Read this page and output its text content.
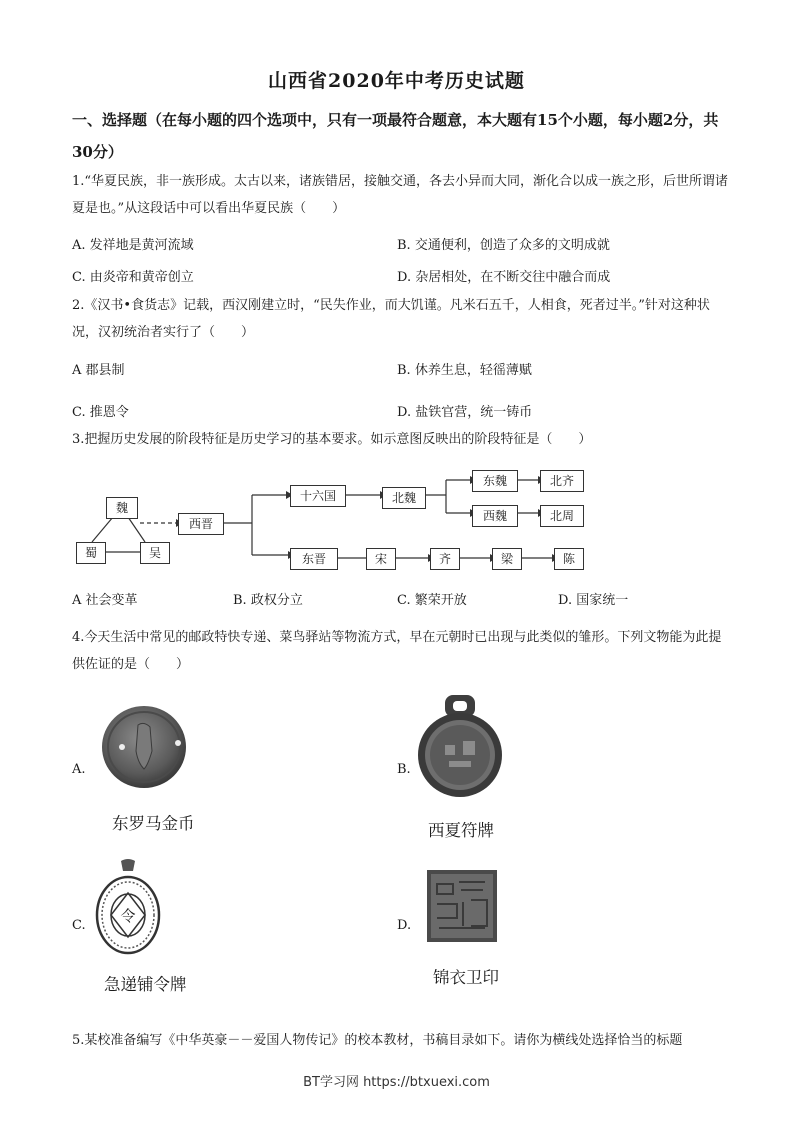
山西省2020年中考历史试题
一、选择题（在每小题的四个选项中，只有一项最符合题意，本大题有15个小题，每小题2分，共30分）
1.“华夏民族，非一族形成。太古以来，诸族错居，接触交通，各去小异而大同，渐化合以成一族之形，后世所谓诸夏是也。”从这段话中可以看出华夏民族（　　）
A. 发祥地是黄河流域	B. 交通便利，创造了众多的文明成就
C. 由炎帝和黄帝创立	D. 杂居相处，在不断交往中融合而成
2.《汉书•食货志》记载，西汉刚建立时，“民失作业，而大饥谨。凡米石五千，人相食，死者过半。”针对这种状况，汉初统治者实行了（　　）
A 郡县制	B. 休养生息，轻徭薄赋
C. 推恩令	D. 盐铁官营，统一铸币
3.把握历史发展的阶段特征是历史学习的基本要求。如示意图反映出的阶段特征是（　　）
魏
蜀	吴
西晋
十六国	北魏
东魏
西魏
北齐
北周
东晋	宋	齐	梁	陈
A 社会变革	B. 政权分立	C. 繁荣开放	D. 国家统一
4.今天生活中常见的邮政特快专递、菜鸟驿站等物流方式，早在元朝时已出现与此类似的雏形。下列文物能为此提供佐证的是（　　）
A.
东罗马金币
B.
西夏符牌
C.
令
急递铺令牌
D.
锦衣卫印
5.某校准备编写《中华英豪－－爱国人物传记》的校本教材，书稿目录如下。请你为横线处选择恰当的标题
BT学习网 https://btxuexi.com
